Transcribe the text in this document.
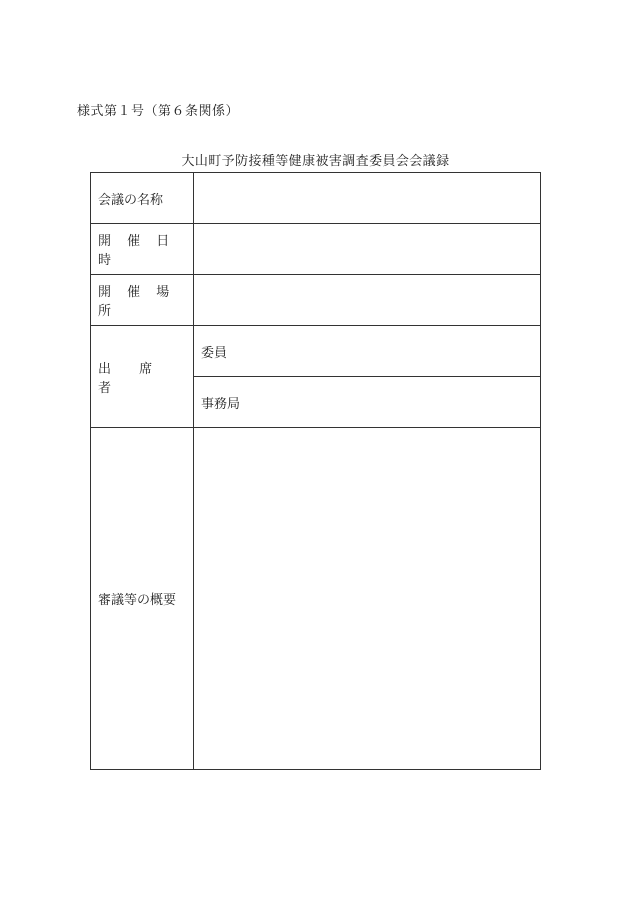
様式第１号（第６条関係）
大山町予防接種等健康被害調査委員会会議録
会議の名称	
開 催 日 時	
開 催 場 所	
出 席 者	委員
	事務局
審議等の概要	
